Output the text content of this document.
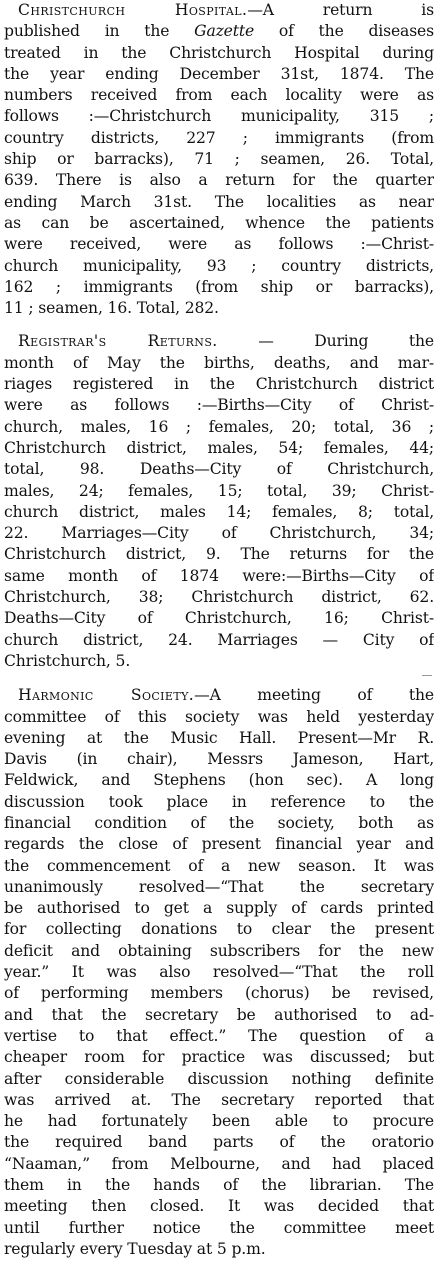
Christchurch Hospital.—A return is
published in the Gazette of the diseases
treated in the Christchurch Hospital during
the year ending December 31st, 1874. The
numbers received from each locality were as
follows :—Christchurch municipality, 315 ;
country districts, 227 ; immigrants (from
ship or barracks), 71 ; seamen, 26. Total,
639. There is also a return for the quarter
ending March 31st. The localities as near
as can be ascertained, whence the patients
were received, were as follows :—Christ-
church municipality, 93 ; country districts,
162 ; immigrants (from ship or barracks),
11 ; seamen, 16. Total, 282.
Registrar's Returns. — During the
month of May the births, deaths, and mar-
riages registered in the Christchurch district
were as follows :—Births—City of Christ-
church, males, 16 ; females, 20; total, 36 ;
Christchurch district, males, 54; females, 44;
total, 98. Deaths—City of Christchurch,
males, 24; females, 15; total, 39; Christ-
church district, males 14; females, 8; total,
22. Marriages—City of Christchurch, 34;
Christchurch district, 9. The returns for the
same month of 1874 were:—Births—City of
Christchurch, 38; Christchurch district, 62.
Deaths—City of Christchurch, 16; Christ-
church district, 24. Marriages — City of
Christchurch, 5.
Harmonic Society.—A meeting of the
committee of this society was held yesterday
evening at the Music Hall. Present—Mr R.
Davis (in chair), Messrs Jameson, Hart,
Feldwick, and Stephens (hon sec). A long
discussion took place in reference to the
financial condition of the society, both as
regards the close of present financial year and
the commencement of a new season. It was
unanimously resolved—“That the secretary
be authorised to get a supply of cards printed
for collecting donations to clear the present
deficit and obtaining subscribers for the new
year.” It was also resolved—“That the roll
of performing members (chorus) be revised,
and that the secretary be authorised to ad-
vertise to that effect.” The question of a
cheaper room for practice was discussed; but
after considerable discussion nothing definite
was arrived at. The secretary reported that
he had fortunately been able to procure
the required band parts of the oratorio
“Naaman,” from Melbourne, and had placed
them in the hands of the librarian. The
meeting then closed. It was decided that
until further notice the committee meet
regularly every Tuesday at 5 p.m.
